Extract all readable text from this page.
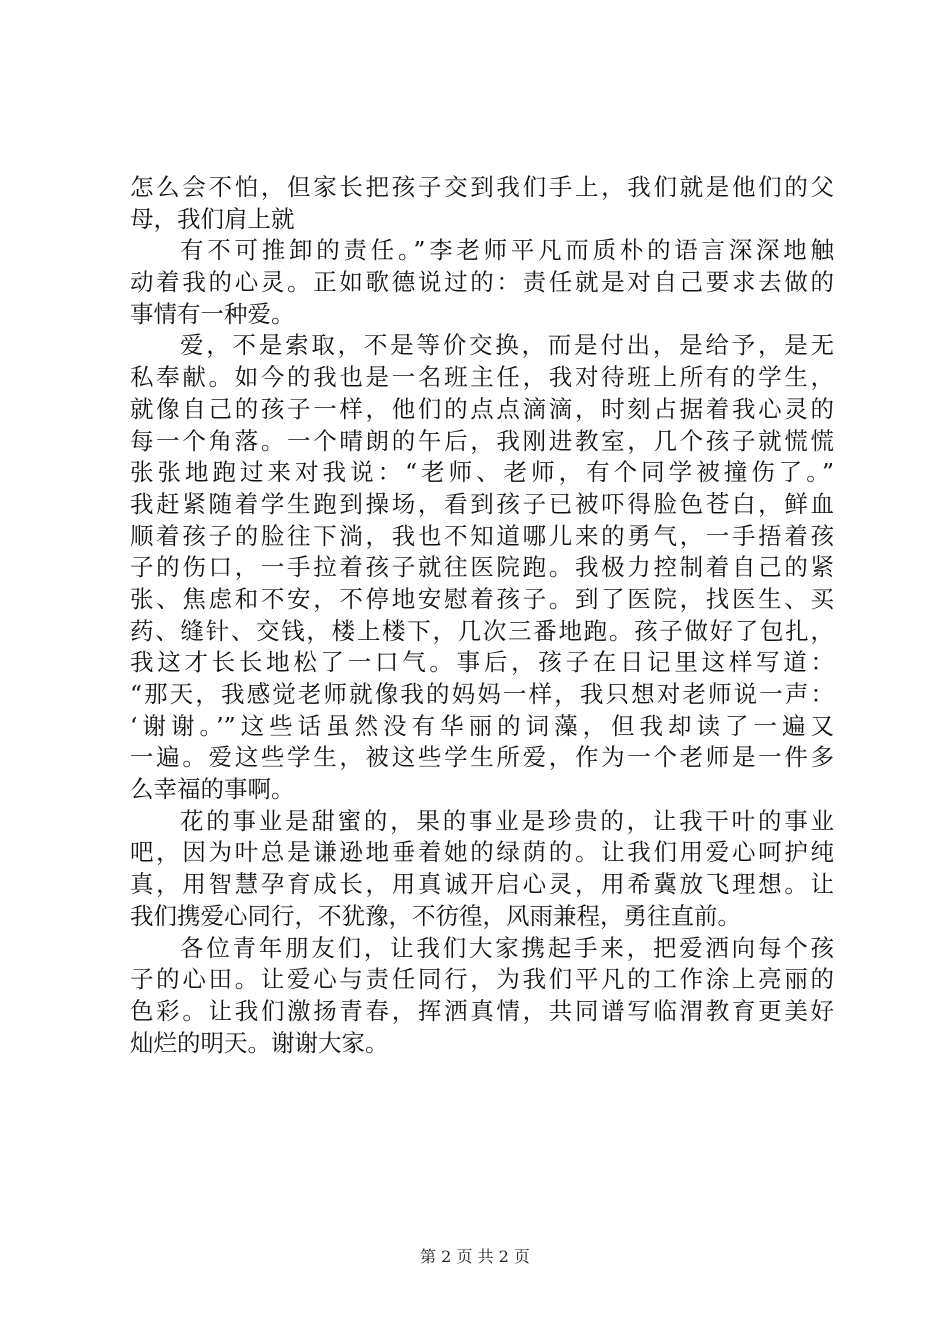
怎么会不怕，但家长把孩子交到我们手上，我们就是他们的父
母，我们肩上就
有不可推卸的责任。”李老师平凡而质朴的语言深深地触
动着我的心灵。正如歌德说过的：责任就是对自己要求去做的
事情有一种爱。
爱，不是索取，不是等价交换，而是付出，是给予，是无
私奉献。如今的我也是一名班主任，我对待班上所有的学生，
就像自己的孩子一样，他们的点点滴滴，时刻占据着我心灵的
每一个角落。一个晴朗的午后，我刚进教室，几个孩子就慌慌
张张地跑过来对我说：“老师、老师，有个同学被撞伤了。”
我赶紧随着学生跑到操场，看到孩子已被吓得脸色苍白，鲜血
顺着孩子的脸往下淌，我也不知道哪儿来的勇气，一手捂着孩
子的伤口，一手拉着孩子就往医院跑。我极力控制着自己的紧
张、焦虑和不安，不停地安慰着孩子。到了医院，找医生、买
药、缝针、交钱，楼上楼下，几次三番地跑。孩子做好了包扎，
我这才长长地松了一口气。事后，孩子在日记里这样写道：
“那天，我感觉老师就像我的妈妈一样，我只想对老师说一声：
‘谢谢。’”这些话虽然没有华丽的词藻，但我却读了一遍又
一遍。爱这些学生，被这些学生所爱，作为一个老师是一件多
么幸福的事啊。
花的事业是甜蜜的，果的事业是珍贵的，让我干叶的事业
吧，因为叶总是谦逊地垂着她的绿荫的。让我们用爱心呵护纯
真，用智慧孕育成长，用真诚开启心灵，用希冀放飞理想。让
我们携爱心同行，不犹豫，不彷徨，风雨兼程，勇往直前。
各位青年朋友们，让我们大家携起手来，把爱洒向每个孩
子的心田。让爱心与责任同行，为我们平凡的工作涂上亮丽的
色彩。让我们激扬青春，挥洒真情，共同谱写临渭教育更美好
灿烂的明天。谢谢大家。
第 2 页 共 2 页
